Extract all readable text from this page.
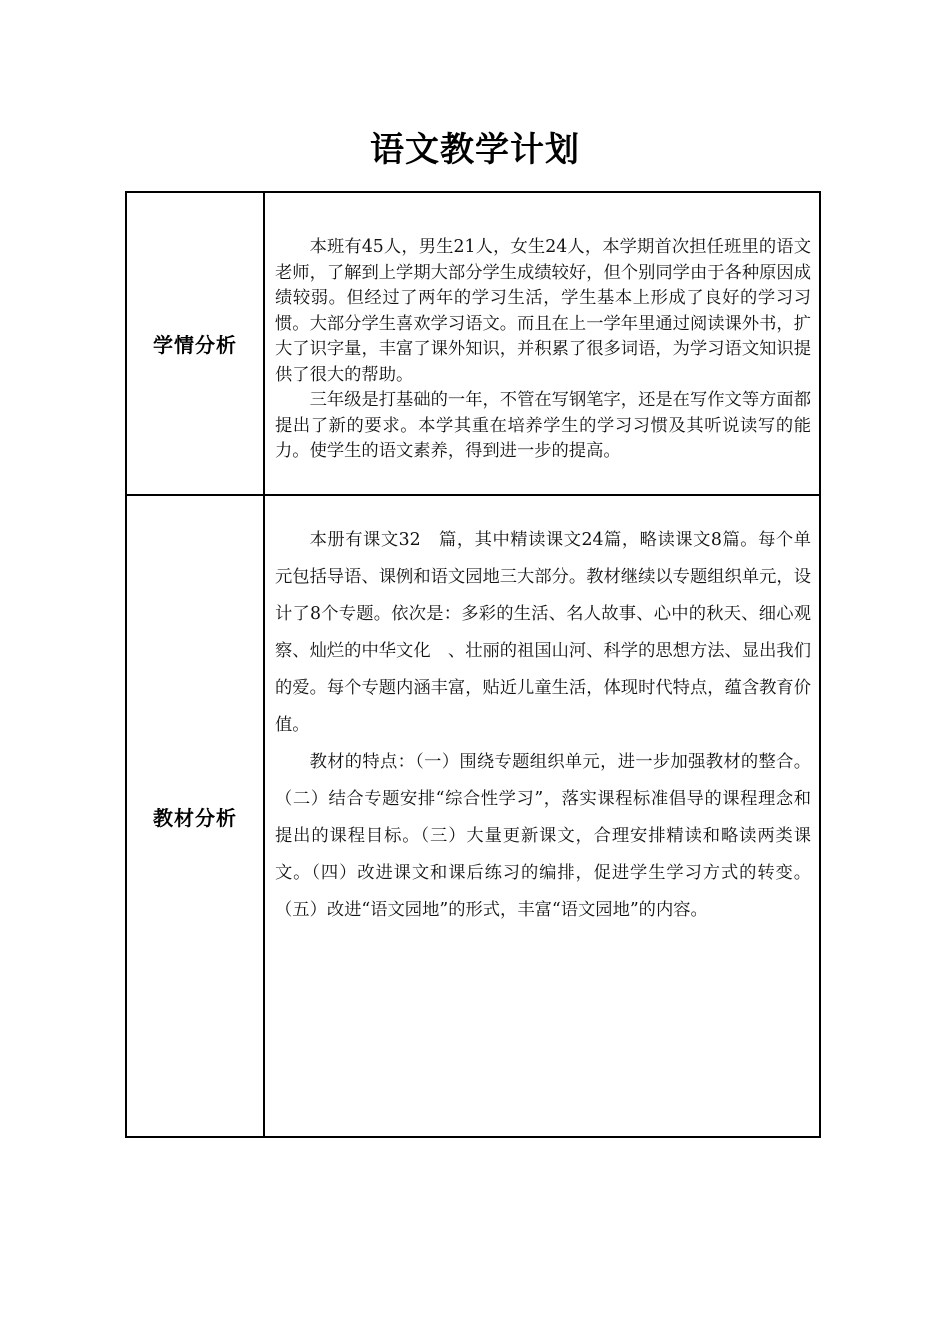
语文教学计划
学情分析

本班有45人，男生21人，女生24人，本学期首次担任班里的语文老师，了解到上学期大部分学生成绩较好，但个别同学由于各种原因成绩较弱。但经过了两年的学习生活，学生基本上形成了良好的学习习惯。大部分学生喜欢学习语文。而且在上一学年里通过阅读课外书，扩大了识字量，丰富了课外知识，并积累了很多词语，为学习语文知识提供了很大的帮助。

三年级是打基础的一年，不管在写钢笔字，还是在写作文等方面都提出了新的要求。本学其重在培养学生的学习习惯及其听说读写的能力。使学生的语文素养，得到进一步的提高。

教材分析

本册有课文32　篇，其中精读课文24篇，略读课文8篇。每个单元包括导语、课例和语文园地三大部分。教材继续以专题组织单元，设计了8个专题。依次是：多彩的生活、名人故事、心中的秋天、细心观察、灿烂的中华文化　、壮丽的祖国山河、科学的思想方法、显出我们的爱。每个专题内涵丰富，贴近儿童生活，体现时代特点，蕴含教育价值。

教材的特点：（一）围绕专题组织单元，进一步加强教材的整合。（二）结合专题安排“综合性学习”，落实课程标准倡导的课程理念和提出的课程目标。（三）大量更新课文，合理安排精读和略读两类课文。（四）改进课文和课后练习的编排，促进学生学习方式的转变。（五）改进“语文园地”的形式，丰富“语文园地”的内容。
